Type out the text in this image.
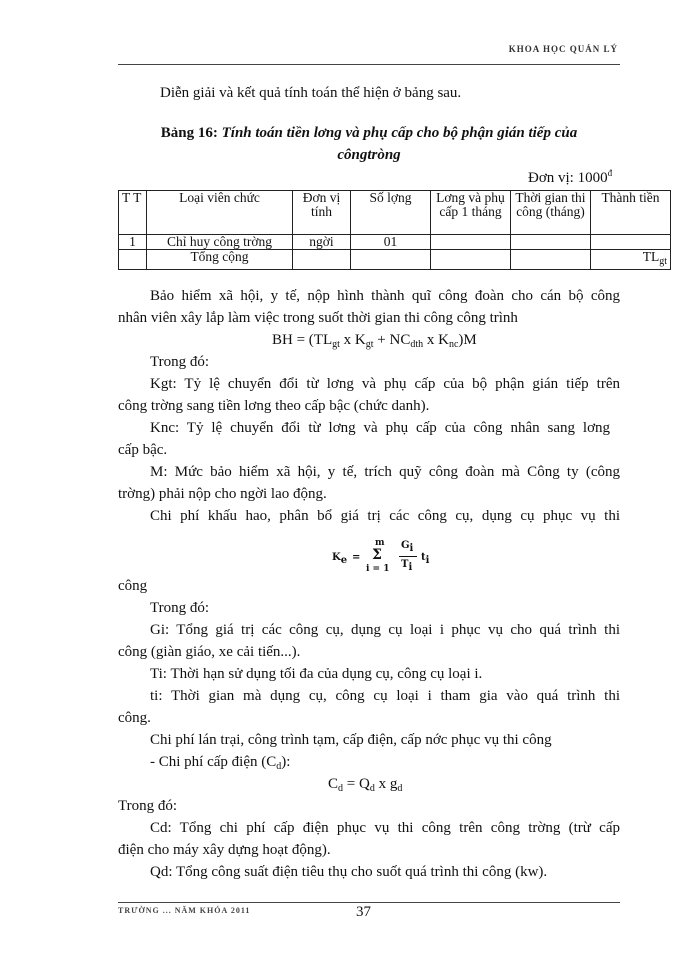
KHOA HỌC QUẢN LÝ
Diễn giải và kết quả tính toán thể hiện ở bảng sau.
Bảng 16: Tính toán tiền lơng và phụ cấp cho bộ phận gián tiếp của
côngtròng
Đơn vị: $1000^đ$
T T	Loại viên chức	Đơn vị tính	Số lợng	Lơng và phụ cấp 1 tháng	Thời gian thi công (tháng)	Thành tiền
1	Chỉ huy công trờng	ngời	01			
	Tổng cộng					$TL_{gt}$
Bảo hiểm xã hội, y tế, nộp hình thành quĩ công đoàn cho cán bộ công
nhân viên xây lắp làm việc trong suốt thời gian thi công công trình
BH = ($TL_{gt}$ x $K_{gt} + NC_{dth}$ x $K_{nc})M$
Trong đó:
Kgt: Tỷ lệ chuyển đổi từ lơng và phụ cấp của bộ phận gián tiếp trên
công trờng sang tiền lơng theo cấp bậc (chức danh).
Knc: Tỷ lệ chuyển đổi từ lơng và phụ cấp của công nhân sang lơng
cấp bậc.
M: Mức bảo hiểm xã hội, y tế, trích quỹ công đoàn mà Công ty (công
trờng) phải nộp cho ngời lao động.
Chi phí khấu hao, phân bổ giá trị các công cụ, dụng cụ phục vụ thi
$K_e$ =
m
Σ
i = 1
$G_i$
$T_i$
$t_i$
công
Trong đó:
Gi: Tổng giá trị các công cụ, dụng cụ loại i phục vụ cho quá trình thi
công (giàn giáo, xe cải tiến...).
Ti: Thời hạn sử dụng tối đa của dụng cụ, công cụ loại i.
ti: Thời gian mà dụng cụ, công cụ loại i tham gia vào quá trình thi
công.
Chi phí lán trại, công trình tạm, cấp điện, cấp nớc phục vụ thi công
- Chi phí cấp điện $(C_d)$:
$C_d = Q_d$ x $g_d$
Trong đó:
Cd: Tổng chi phí cấp điện phục vụ thi công trên công trờng (trừ cấp
điện cho máy xây dựng hoạt động).
Qd: Tổng công suất điện tiêu thụ cho suốt quá trình thi công (kw).
TRƯỜNG ... NĂM KHÓA 2011	37
